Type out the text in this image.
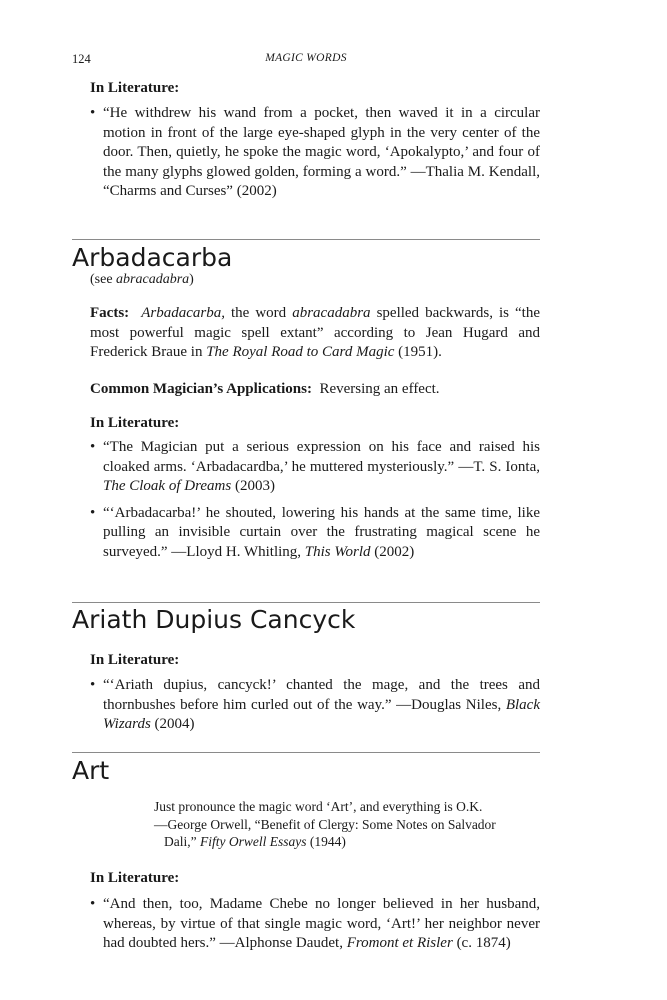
124	MAGIC WORDS
In Literature:
• “He withdrew his wand from a pocket, then waved it in a circular motion in front of the large eye-shaped glyph in the very center of the door. Then, quietly, he spoke the magic word, ‘Apokalypto,’ and four of the many glyphs glowed golden, forming a word.” —Thalia M. Kendall, “Charms and Curses” (2002)
Arbadacarba
(see abracadabra)
Facts: Arbadacarba, the word abracadabra spelled backwards, is “the most powerful magic spell extant” according to Jean Hugard and Frederick Braue in The Royal Road to Card Magic (1951).
Common Magician’s Applications: Reversing an effect.
In Literature:
• “The Magician put a serious expression on his face and raised his cloaked arms. ‘Arbadacardba,’ he muttered mysteriously.” —T. S. Ionta, The Cloak of Dreams (2003)
• “‘Arbadacarba!’ he shouted, lowering his hands at the same time, like pulling an invisible curtain over the frustrating magical scene he surveyed.” —Lloyd H. Whitling, This World (2002)
Ariath Dupius Cancyck
In Literature:
• “‘Ariath dupius, cancyck!’ chanted the mage, and the trees and thornbushes before him curled out of the way.” —Douglas Niles, Black Wizards (2004)
Art
Just pronounce the magic word ‘Art’, and everything is O.K.
—George Orwell, “Benefit of Clergy: Some Notes on Salvador
Dali,” Fifty Orwell Essays (1944)
In Literature:
• “And then, too, Madame Chebe no longer believed in her husband, whereas, by virtue of that single magic word, ‘Art!’ her neighbor never had doubted hers.” —Alphonse Daudet, Fromont et Risler (c. 1874)
